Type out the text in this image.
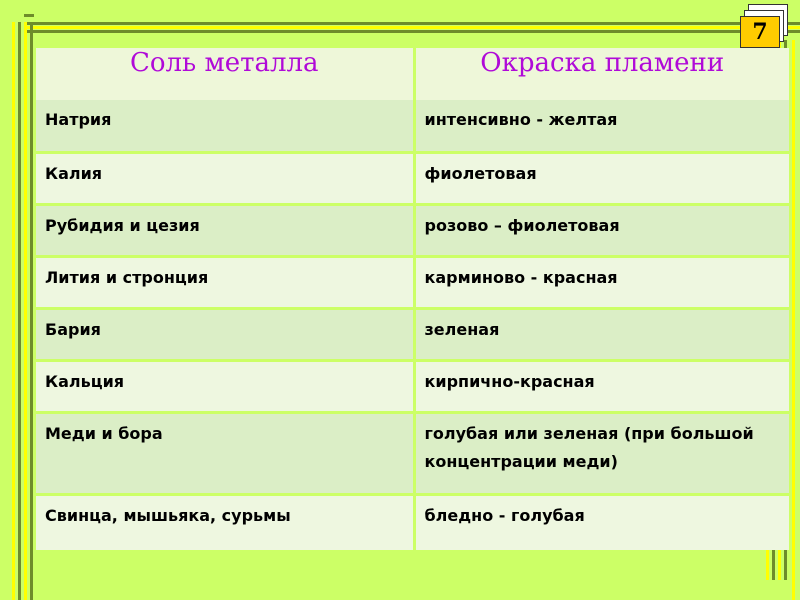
7
Соль металла	Окраска пламени
Натрия	интенсивно - желтая
Калия	фиолетовая
Рубидия и цезия	розово – фиолетовая
Лития и стронция	карминово - красная
Бария	зеленая
Кальция	кирпично-красная
Меди и бора	голубая или зеленая (при большой концентрации меди)
Свинца, мышьяка, сурьмы	бледно - голубая
